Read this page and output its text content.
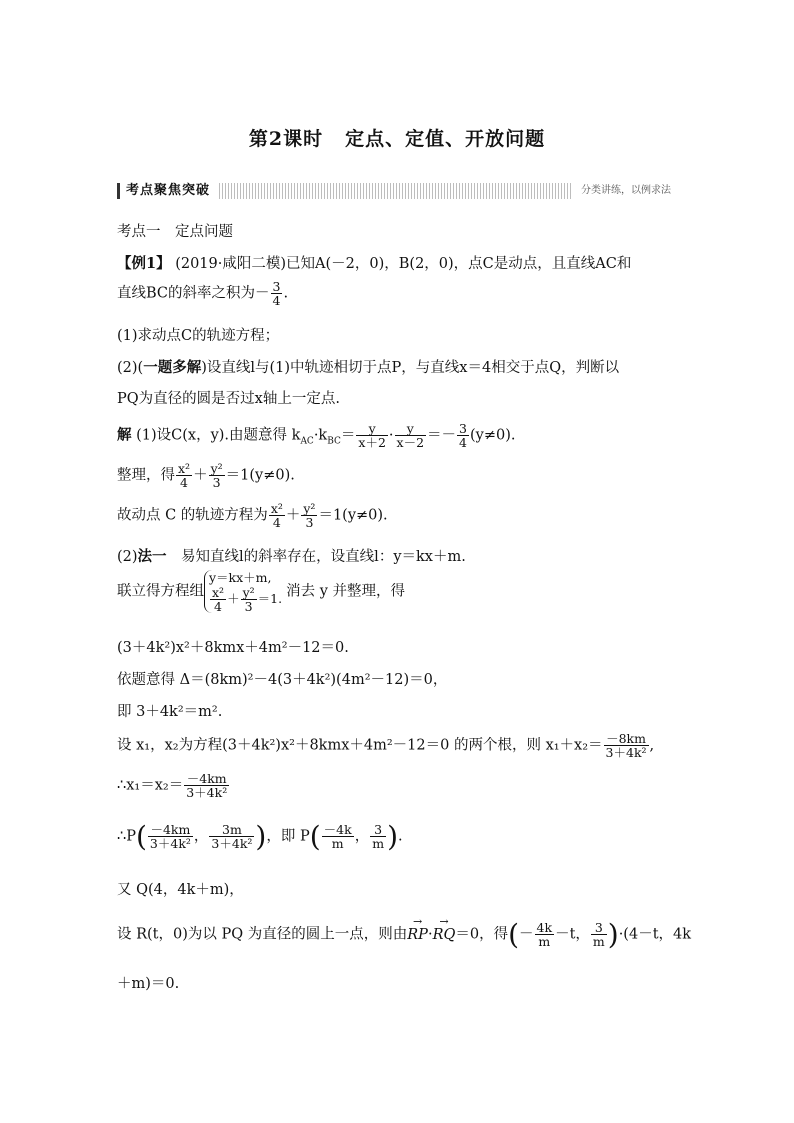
第2课时 定点、定值、开放问题
考点聚焦突破	分类讲练，以例求法
考点一　定点问题
【例1】 (2019·咸阳二模)已知A(－2，0)，B(2，0)，点C是动点，且直线AC和
直线BC的斜率之积为－ $\frac{3}{4}$ .
(1)求动点C的轨迹方程；
(2)(一题多解)设直线l与(1)中轨迹相切于点P，与直线x＝4相交于点Q，判断以
PQ为直径的圆是否过x轴上一定点.
解 (1)设C(x，y).由题意得 $k_{AC}\cdot k_{BC}= \frac{y}{x+2} \cdot \frac{y}{x-2} =- \frac{3}{4} (y\ne 0)$.
整理，得 $\frac{\text{x²}}{4} + \frac{\text{y²}}{3} =1(y\ne 0)$.
故动点 C 的轨迹方程为 $\frac{\text{x²}}{4} + \frac{\text{y²}}{3} =1(y\ne 0)$.
(2)法一　易知直线l的斜率存在，设直线l：y＝kx＋m.
联立得方程组y＝kx＋m,

$\frac{\text{x²}}{4} + \frac{\text{y²}}{3} =1$. 消去 y 并整理，得
(3＋4k²)x²＋8kmx＋4m²－12＝0.
依题意得 Δ＝(8km)²－4(3＋4k²)(4m²－12)＝0，
即 3＋4k²＝m².
设 x₁，x₂为方程(3＋4k²)x²＋8kmx＋4m²－12＝0 的两个根，则 $x_1+x_2= \frac{-8km}{\text{3＋4k²}}$ ,
∴x₁＝x₂＝ $\frac{-4km}{\text{3＋4k²}}$
∴P( $\frac{-4km}{\text{3＋4k²}}$ ， $\frac{3m}{\text{3＋4k²}}$ )，即 $P( \frac{-4k}{m}$ ， $\frac{3}{m}$ ).
又 Q(4，4k＋m)，
设 R(t，0)为以 PQ 为直径的圆上一点，则由→ RP·→ RQ＝0，得(－ $\frac{4k}{m} -t$， $\frac{3}{m} )\cdot(4-t$，4k
＋m)＝0.
